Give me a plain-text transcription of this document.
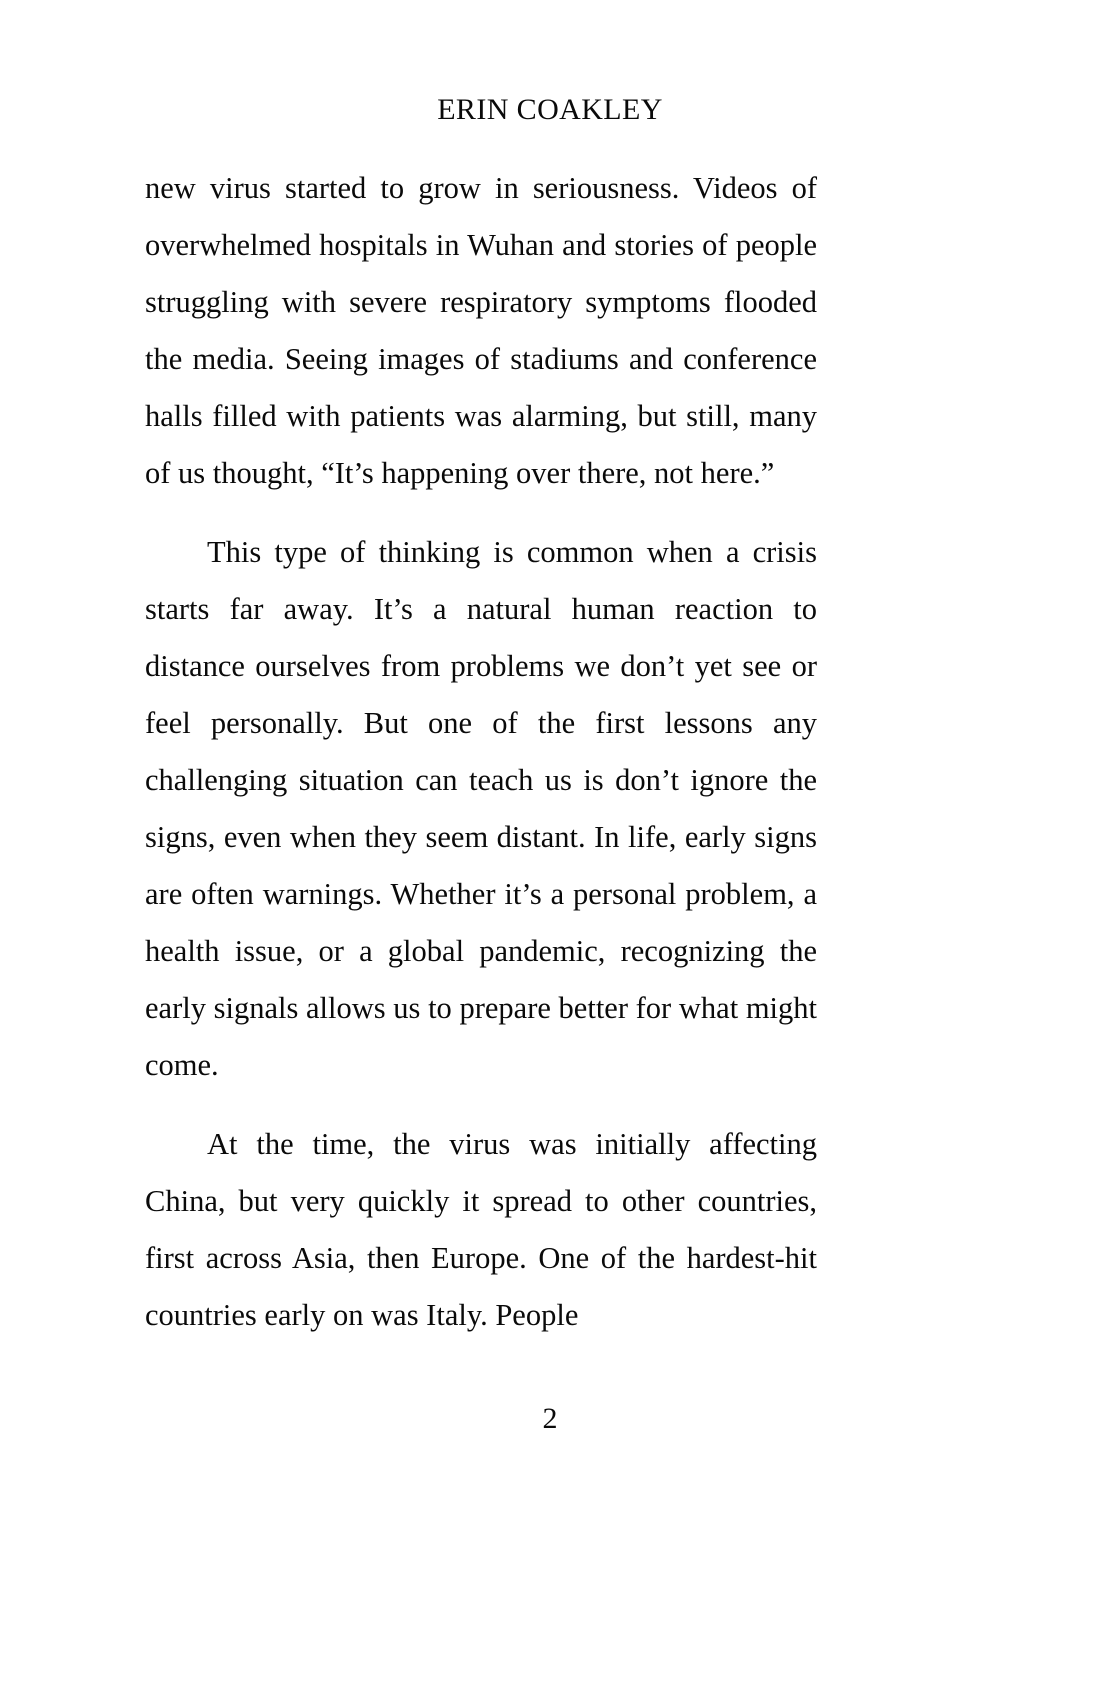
ERIN COAKLEY

new virus started to grow in seriousness. Videos of overwhelmed hospitals in Wuhan and stories of people struggling with severe respiratory symptoms flooded the media. Seeing images of stadiums and conference halls filled with patients was alarming, but still, many of us thought, “It’s happening over there, not here.”

This type of thinking is common when a crisis starts far away. It’s a natural human reaction to distance ourselves from problems we don’t yet see or feel personally. But one of the first lessons any challenging situation can teach us is don’t ignore the signs, even when they seem distant. In life, early signs are often warnings. Whether it’s a personal problem, a health issue, or a global pandemic, recognizing the early signals allows us to prepare better for what might come.

At the time, the virus was initially affecting China, but very quickly it spread to other countries, first across Asia, then Europe. One of the hardest-hit countries early on was Italy. People

2
